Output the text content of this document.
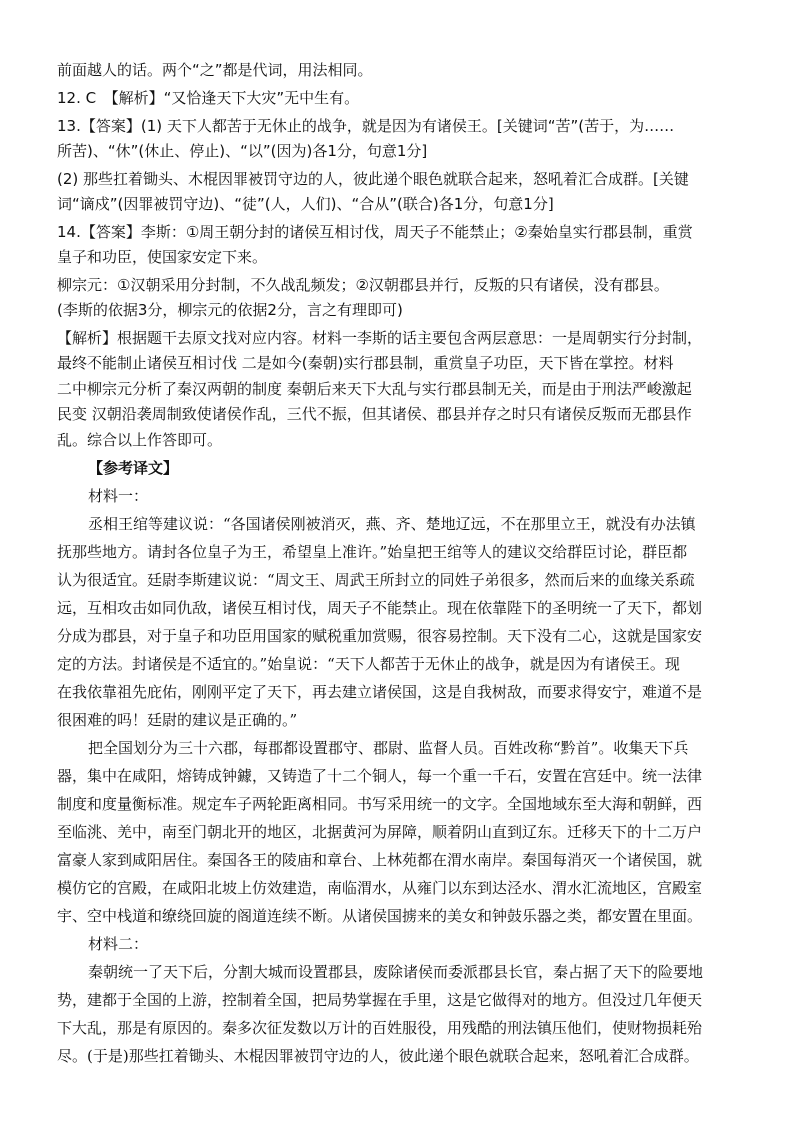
前面越人的话。两个“之”都是代词，用法相同。
12. C　【解析】“又恰逢天下大灾”无中生有。
13.【答案】(1) 天下人都苦于无休止的战争，就是因为有诸侯王。[关键词“苦”(苦于，为……
所苦)、“休”(休止、停止)、“以”(因为)各1分，句意1分]
(2) 那些扛着锄头、木棍因罪被罚守边的人，彼此递个眼色就联合起来，怒吼着汇合成群。[关键
词“谪戍”(因罪被罚守边)、“徒”(人，人们)、“合从”(联合)各1分，句意1分]
14.【答案】李斯：①周王朝分封的诸侯互相讨伐，周天子不能禁止；②秦始皇实行郡县制，重赏
皇子和功臣，使国家安定下来。
柳宗元：①汉朝采用分封制，不久战乱频发；②汉朝郡县并行，反叛的只有诸侯，没有郡县。
(李斯的依据3分，柳宗元的依据2分，言之有理即可)
【解析】根据题干去原文找对应内容。材料一李斯的话主要包含两层意思：一是周朝实行分封制，
最终不能制止诸侯互相讨伐 二是如今(秦朝)实行郡县制，重赏皇子功臣，天下皆在掌控。材料
二中柳宗元分析了秦汉两朝的制度 秦朝后来天下大乱与实行郡县制无关，而是由于刑法严峻激起
民变 汉朝沿袭周制致使诸侯作乱，三代不振，但其诸侯、郡县并存之时只有诸侯反叛而无郡县作
乱。综合以上作答即可。
【参考译文】
材料一：
丞相王绾等建议说：“各国诸侯刚被消灭，燕、齐、楚地辽远，不在那里立王，就没有办法镇
抚那些地方。请封各位皇子为王，希望皇上准许。”始皇把王绾等人的建议交给群臣讨论，群臣都
认为很适宜。廷尉李斯建议说：“周文王、周武王所封立的同姓子弟很多，然而后来的血缘关系疏
远，互相攻击如同仇敌，诸侯互相讨伐，周天子不能禁止。现在依靠陛下的圣明统一了天下，都划
分成为郡县，对于皇子和功臣用国家的赋税重加赏赐，很容易控制。天下没有二心，这就是国家安
定的方法。封诸侯是不适宜的。”始皇说：“天下人都苦于无休止的战争，就是因为有诸侯王。现
在我依靠祖先庇佑，刚刚平定了天下，再去建立诸侯国，这是自我树敌，而要求得安宁，难道不是
很困难的吗！廷尉的建议是正确的。”
把全国划分为三十六郡，每郡都设置郡守、郡尉、监督人员。百姓改称“黔首”。收集天下兵
器，集中在咸阳，熔铸成钟鐻，又铸造了十二个铜人，每一个重一千石，安置在宫廷中。统一法律
制度和度量衡标准。规定车子两轮距离相同。书写采用统一的文字。全国地域东至大海和朝鲜，西
至临洮、羌中，南至门朝北开的地区，北据黄河为屏障，顺着阴山直到辽东。迁移天下的十二万户
富豪人家到咸阳居住。秦国各王的陵庙和章台、上林苑都在渭水南岸。秦国每消灭一个诸侯国，就
模仿它的宫殿，在咸阳北坡上仿效建造，南临渭水，从雍门以东到达泾水、渭水汇流地区，宫殿室
宇、空中栈道和缭绕回旋的阁道连续不断。从诸侯国掳来的美女和钟鼓乐器之类，都安置在里面。
材料二：
秦朝统一了天下后，分割大城而设置郡县，废除诸侯而委派郡县长官，秦占据了天下的险要地
势，建都于全国的上游，控制着全国，把局势掌握在手里，这是它做得对的地方。但没过几年便天
下大乱，那是有原因的。秦多次征发数以万计的百姓服役，用残酷的刑法镇压他们，使财物损耗殆
尽。(于是)那些扛着锄头、木棍因罪被罚守边的人，彼此递个眼色就联合起来，怒吼着汇合成群。
